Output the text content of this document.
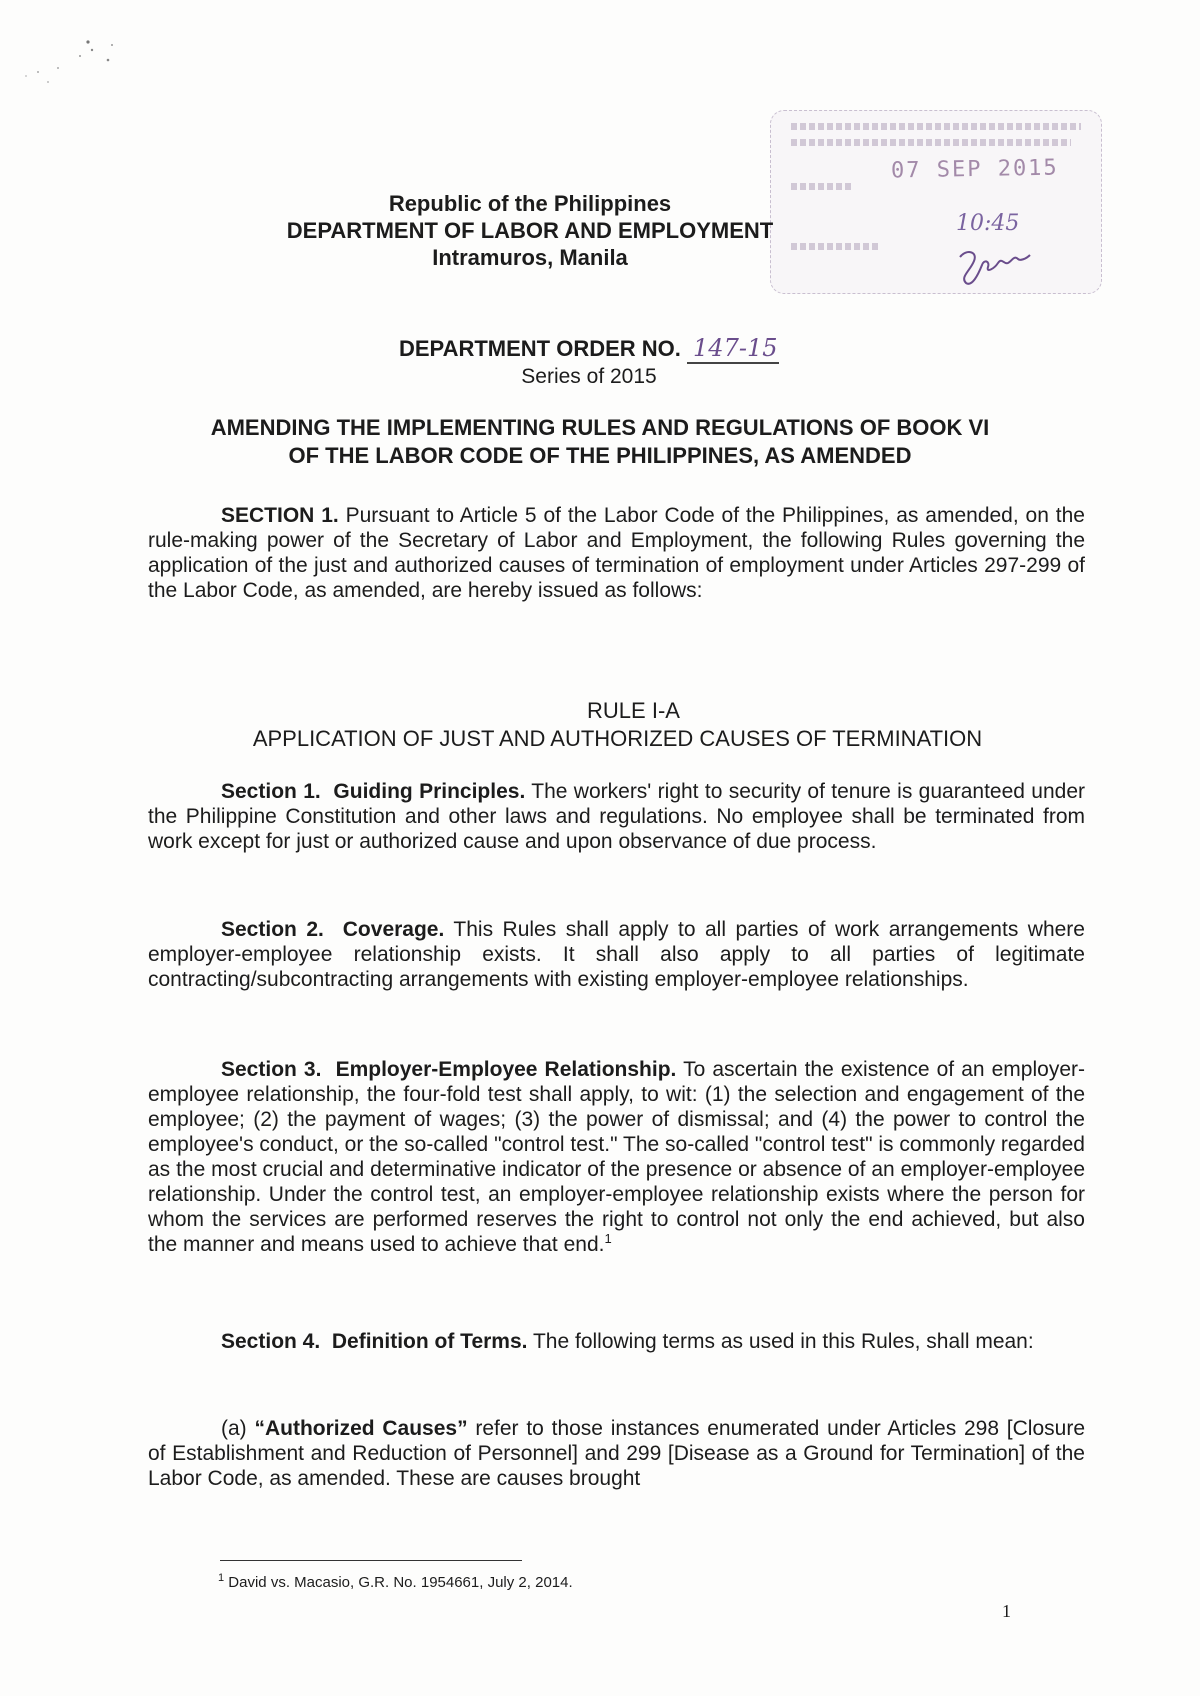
07 SEP 2015

10:45

Republic of the Philippines

DEPARTMENT OF LABOR AND EMPLOYMENT

Intramuros, Manila

DEPARTMENT ORDER NO. 147-15

Series of 2015

AMENDING THE IMPLEMENTING RULES AND REGULATIONS OF BOOK VI

OF THE LABOR CODE OF THE PHILIPPINES, AS AMENDED

SECTION 1. Pursuant to Article 5 of the Labor Code of the Philippines, as amended, on the rule-making power of the Secretary of Labor and Employment, the following Rules governing the application of the just and authorized causes of termination of employment under Articles 297-299 of the Labor Code, as amended, are hereby issued as follows:

RULE I-A

APPLICATION OF JUST AND AUTHORIZED CAUSES OF TERMINATION

Section 1. Guiding Principles. The workers' right to security of tenure is guaranteed under the Philippine Constitution and other laws and regulations. No employee shall be terminated from work except for just or authorized cause and upon observance of due process.

Section 2. Coverage. This Rules shall apply to all parties of work arrangements where employer-employee relationship exists. It shall also apply to all parties of legitimate contracting/subcontracting arrangements with existing employer-employee relationships.

Section 3. Employer-Employee Relationship. To ascertain the existence of an employer-employee relationship, the four-fold test shall apply, to wit: (1) the selection and engagement of the employee; (2) the payment of wages; (3) the power of dismissal; and (4) the power to control the employee's conduct, or the so-called "control test." The so-called "control test" is commonly regarded as the most crucial and determinative indicator of the presence or absence of an employer-employee relationship. Under the control test, an employer-employee relationship exists where the person for whom the services are performed reserves the right to control not only the end achieved, but also the manner and means used to achieve that end.$^1$

Section 4. Definition of Terms. The following terms as used in this Rules, shall mean:

(a) “Authorized Causes” refer to those instances enumerated under Articles 298 [Closure of Establishment and Reduction of Personnel] and 299 [Disease as a Ground for Termination] of the Labor Code, as amended. These are causes brought

$^1$ David vs. Macasio, G.R. No. 1954661, July 2, 2014.

1
